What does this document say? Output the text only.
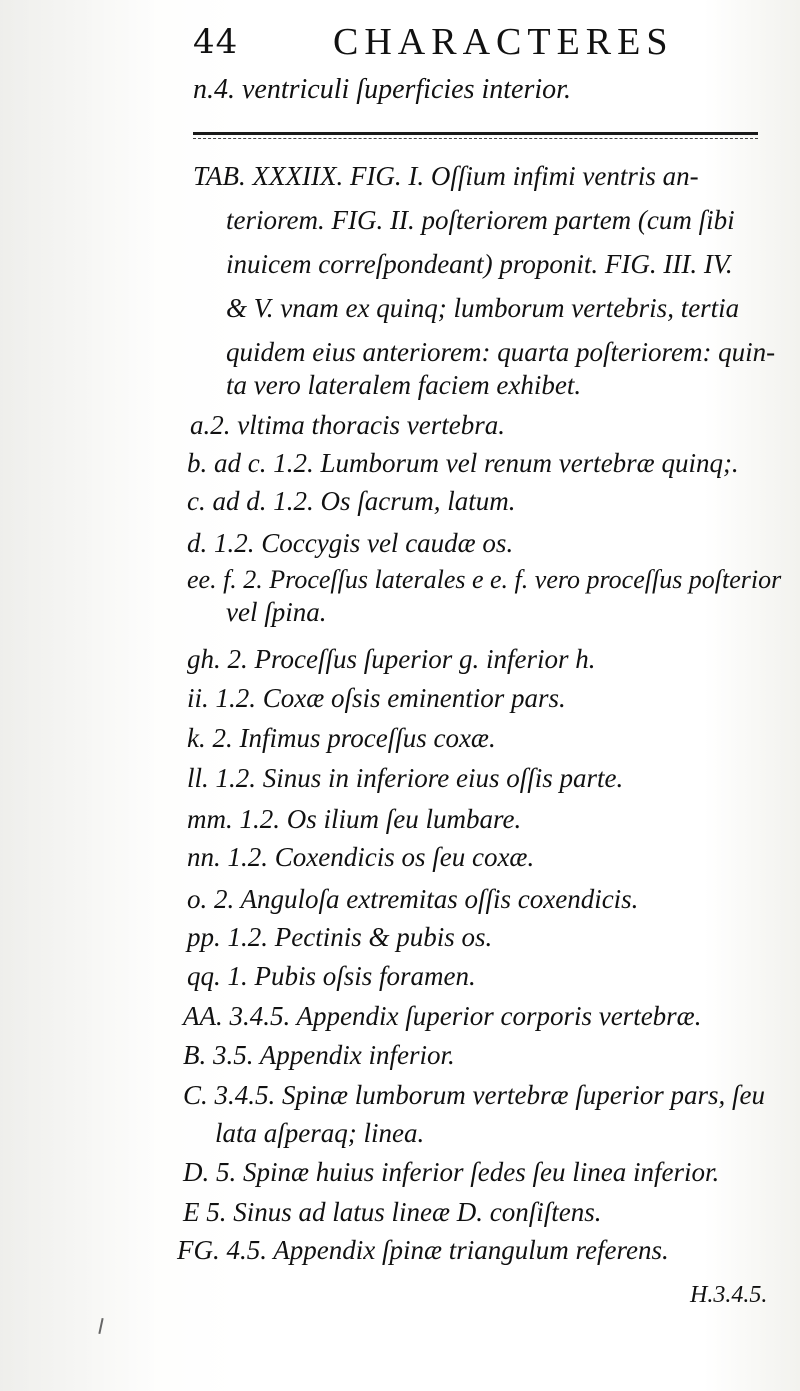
44 CHARACTERES
n.4. ventriculi ſuperficies interior.
TAB. XXXIIX. FIG. I. Oſſium infimi ventris an-
teriorem. FIG. II. poſteriorem partem (cum ſibi
inuicem correſpondeant) proponit. FIG. III. IV.
& V. vnam ex quinq; lumborum vertebris, tertia
quidem eius anteriorem: quarta poſteriorem: quin-
ta vero lateralem faciem exhibet.
a.2. vltima thoracis vertebra.
b. ad c. 1.2. Lumborum vel renum vertebræ quinq;.
c. ad d. 1.2. Os ſacrum, latum.
d. 1.2. Coccygis vel caudæ os.
ee. f. 2. Proceſſus laterales e e. f. vero proceſſus poſterior
vel ſpina.
gh. 2. Proceſſus ſuperior g. inferior h.
ii. 1.2. Coxæ oſsis eminentior pars.
k. 2. Infimus proceſſus coxæ.
ll. 1.2. Sinus in inferiore eius oſſis parte.
mm. 1.2. Os ilium ſeu lumbare.
nn. 1.2. Coxendicis os ſeu coxæ.
o. 2. Anguloſa extremitas oſſis coxendicis.
pp. 1.2. Pectinis & pubis os.
qq. 1. Pubis oſsis foramen.
AA. 3.4.5. Appendix ſuperior corporis vertebræ.
B. 3.5. Appendix inferior.
C. 3.4.5. Spinæ lumborum vertebræ ſuperior pars, ſeu
lata aſperaq; linea.
D. 5. Spinæ huius inferior ſedes ſeu linea inferior.
E 5. Sinus ad latus lineæ D. conſiſtens.
FG. 4.5. Appendix ſpinæ triangulum referens.
H.3.4.5.
